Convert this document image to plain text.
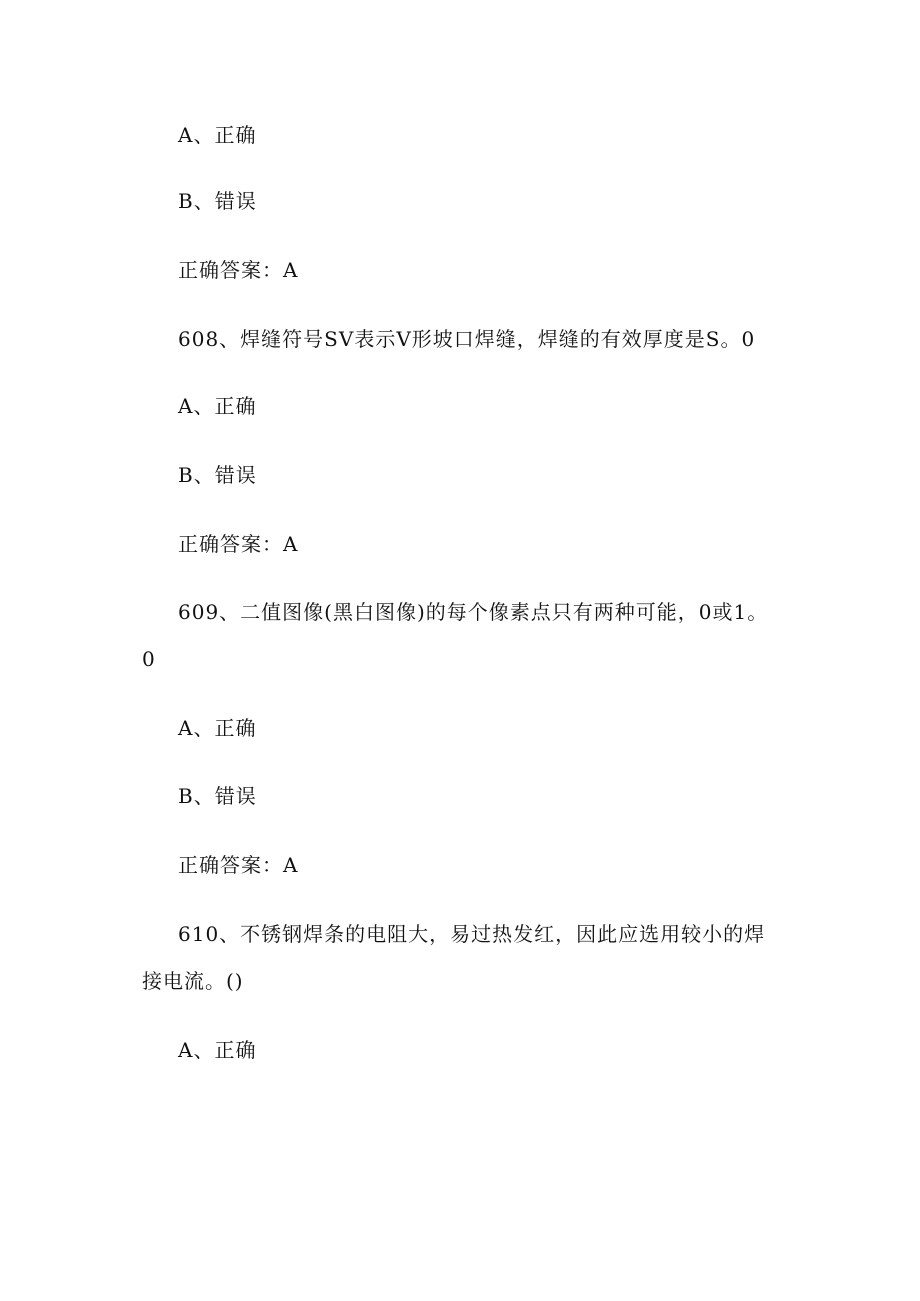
A、正确
B、错误
正确答案：A
608、焊缝符号SV表示V形坡口焊缝，焊缝的有效厚度是S。0
A、正确
B、错误
正确答案：A
609、二值图像(黑白图像)的每个像素点只有两种可能，0或1。
0
A、正确
B、错误
正确答案：A
610、不锈钢焊条的电阻大，易过热发红，因此应选用较小的焊
接电流。()
A、正确
